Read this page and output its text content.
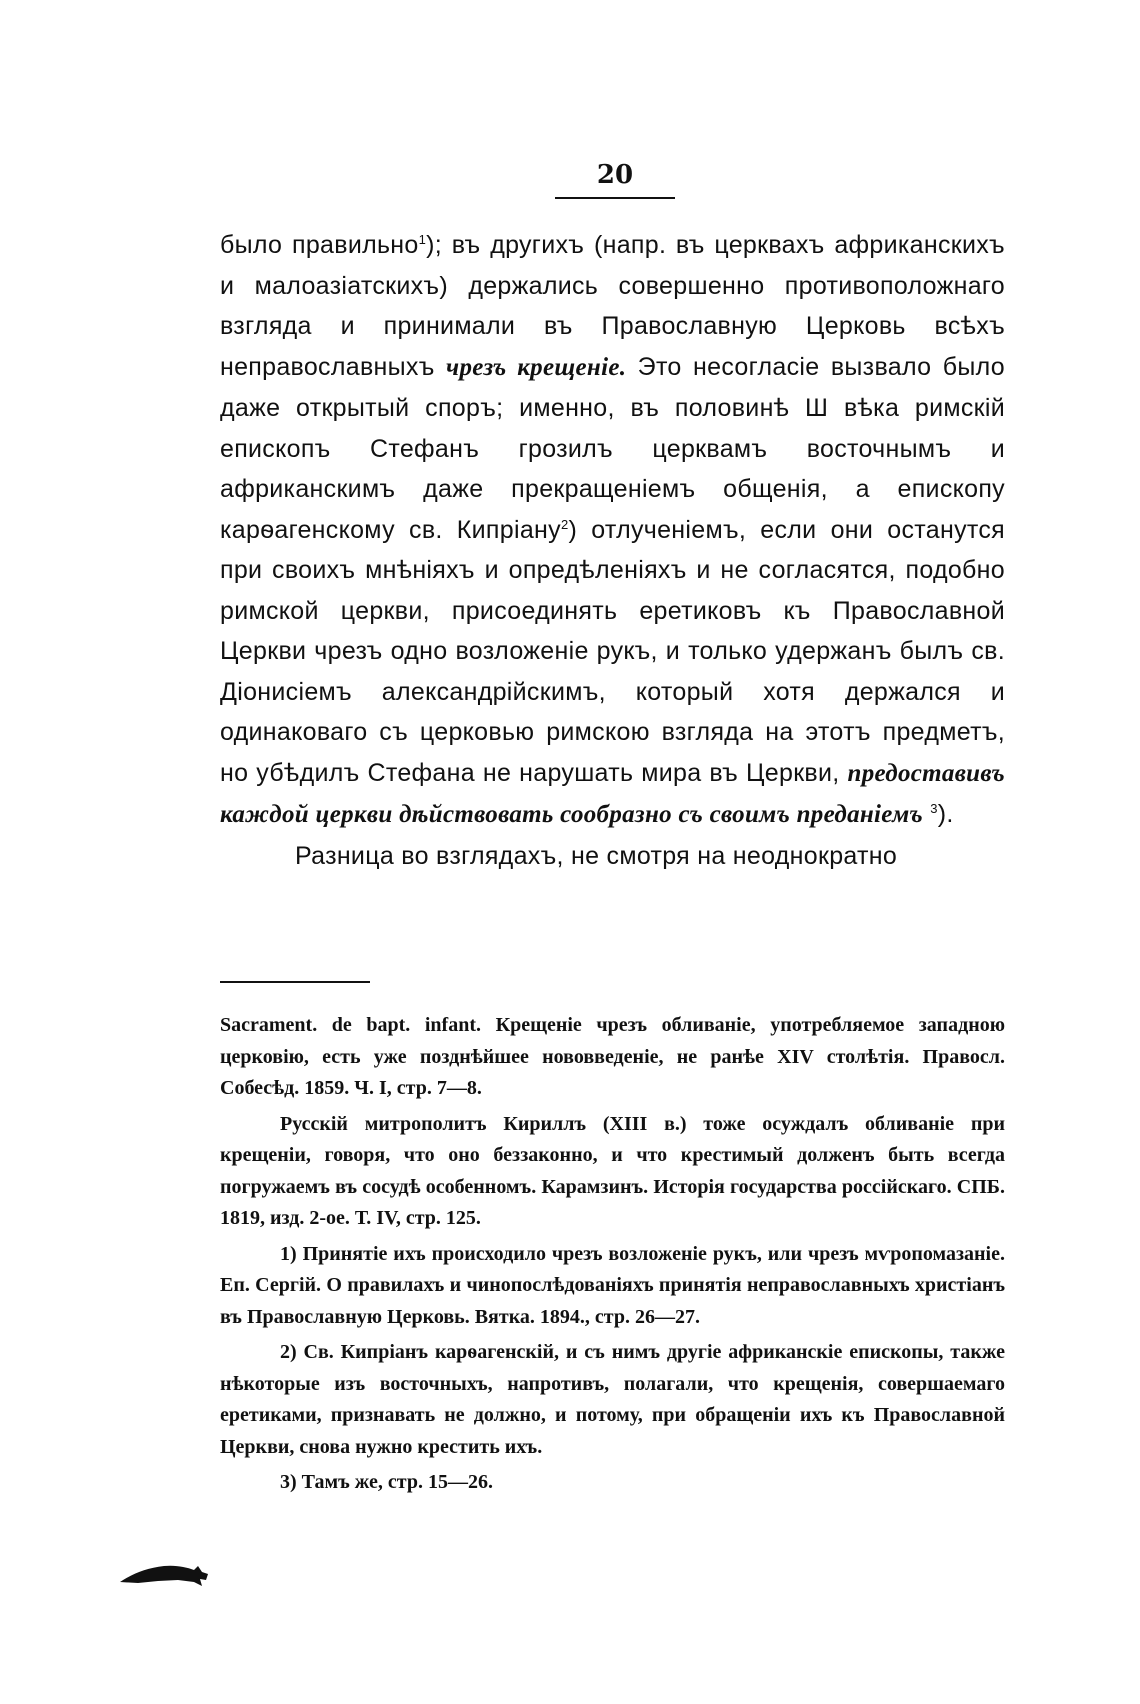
20

было правильно$^1$); въ другихъ (напр. въ церквахъ африканскихъ и малоазіатскихъ) держались совершенно противоположнаго взгляда и принимали въ Православную Церковь всѣхъ неправославныхъ чрезъ крещеніе. Это несогласіе вызвало было даже открытый споръ; именно, въ половинѣ Ш вѣка римскій епископъ Стефанъ грозилъ церквамъ восточнымъ и африканскимъ даже прекращеніемъ общенія, а епископу карѳагенскому св. Кипріану$^2$) отлученіемъ, если они останутся при своихъ мнѣніяхъ и опредѣленіяхъ и не согласятся, подобно римской церкви, присоединять еретиковъ къ Православной Церкви чрезъ одно возложеніе рукъ, и только удержанъ былъ св. Діонисіемъ александрійскимъ, который хотя держался и одинаковаго съ церковью римскою взгляда на этотъ предметъ, но убѣдилъ Стефана не нарушать мира въ Церкви, предоставивъ каждой церкви дѣйствовать сообразно съ своимъ преданіемъ $^3$).

Разница во взглядахъ, не смотря на неоднократно

Sacrament. de bapt. infant. Крещеніе чрезъ обливаніе, употребляемое западною церковію, есть уже позднѣйшее нововведеніе, не ранѣе XIV столѣтія. Правосл. Собесѣд. 1859. Ч. I, стр. 7—8.

Русскій митрополитъ Кириллъ (XIII в.) тоже осуждалъ обливаніе при крещеніи, говоря, что оно беззаконно, и что крестимый долженъ быть всегда погружаемъ въ сосудѣ особенномъ. Карамзинъ. Исторія государства россійскаго. СПБ. 1819, изд. 2-ое. Т. IV, стр. 125.

1) Принятіе ихъ происходило чрезъ возложеніе рукъ, или чрезъ мѵропомазаніе. Еп. Сергій. О правилахъ и чинопослѣдованіяхъ принятія неправославныхъ христіанъ въ Православную Церковь. Вятка. 1894., стр. 26—27.

2) Св. Кипріанъ карѳагенскій, и съ нимъ другіе африканскіе епископы, также нѣкоторые изъ восточныхъ, напротивъ, полагали, что крещенія, совершаемаго еретиками, признавать не должно, и потому, при обращеніи ихъ къ Православной Церкви, снова нужно крестить ихъ.

3) Тамъ же, стр. 15—26.
